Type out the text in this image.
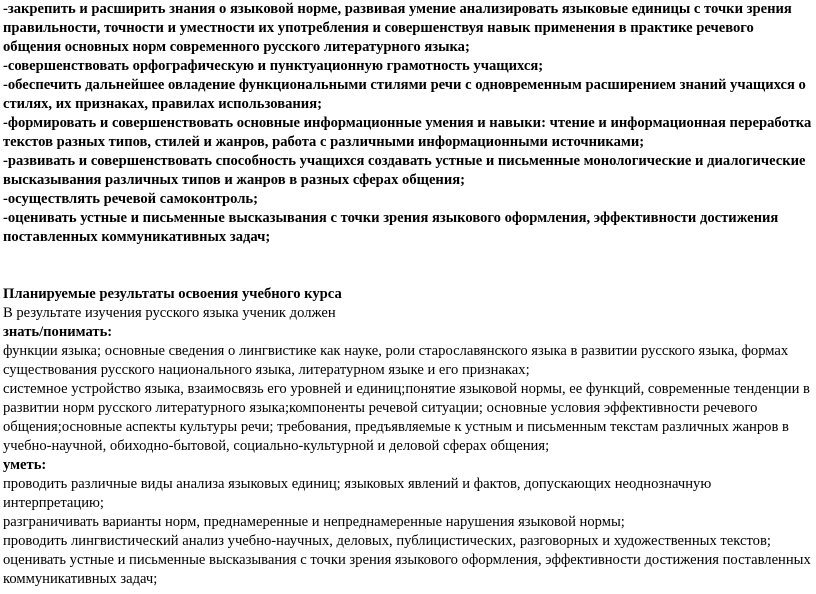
-закрепить и расширить знания о языковой норме, развивая умение анализировать языковые единицы с точки зрения правильности, точности и уместности их употребления и совершенствуя навык применения в практике речевого общения основных норм современного русского литературного языка;

-совершенствовать орфографическую и пунктуационную грамотность учащихся;

-обеспечить дальнейшее овладение функциональными стилями речи с одновременным расширением знаний учащихся о стилях, их признаках, правилах использования;

-формировать и совершенствовать основные информационные умения и навыки: чтение и информационная переработка текстов разных типов, стилей и жанров, работа с различными информационными источниками;

-развивать и совершенствовать способность учащихся создавать устные и письменные монологические и диалогические высказывания различных типов и жанров в разных сферах общения;

-осуществлять речевой самоконтроль;

-оценивать устные и письменные высказывания с точки зрения языкового оформления, эффективности достижения поставленных коммуникативных задач;

Планируемые результаты освоения учебного курса

В результате изучения русского языка ученик должен

знать/понимать:

функции языка; основные сведения о лингвистике как науке, роли старославянского языка в развитии русского языка, формах существования русского национального языка, литературном языке и его признаках;

системное устройство языка, взаимосвязь его уровней и единиц;понятие языковой нормы, ее функций, современные тенденции в развитии норм русского литературного языка;компоненты речевой ситуации; основные условия эффективности речевого общения;основные аспекты культуры речи; требования, предъявляемые к устным и письменным текстам различных жанров в учебно-научной, обиходно-бытовой, социально-культурной и деловой сферах общения;

уметь:

проводить различные виды анализа языковых единиц; языковых явлений и фактов, допускающих неоднозначную интерпретацию;

разграничивать варианты норм, преднамеренные и непреднамеренные нарушения языковой нормы;

проводить лингвистический анализ учебно-научных, деловых, публицистических, разговорных и художественных текстов;

оценивать устные и письменные высказывания с точки зрения языкового оформления, эффективности достижения поставленных коммуникативных задач;
